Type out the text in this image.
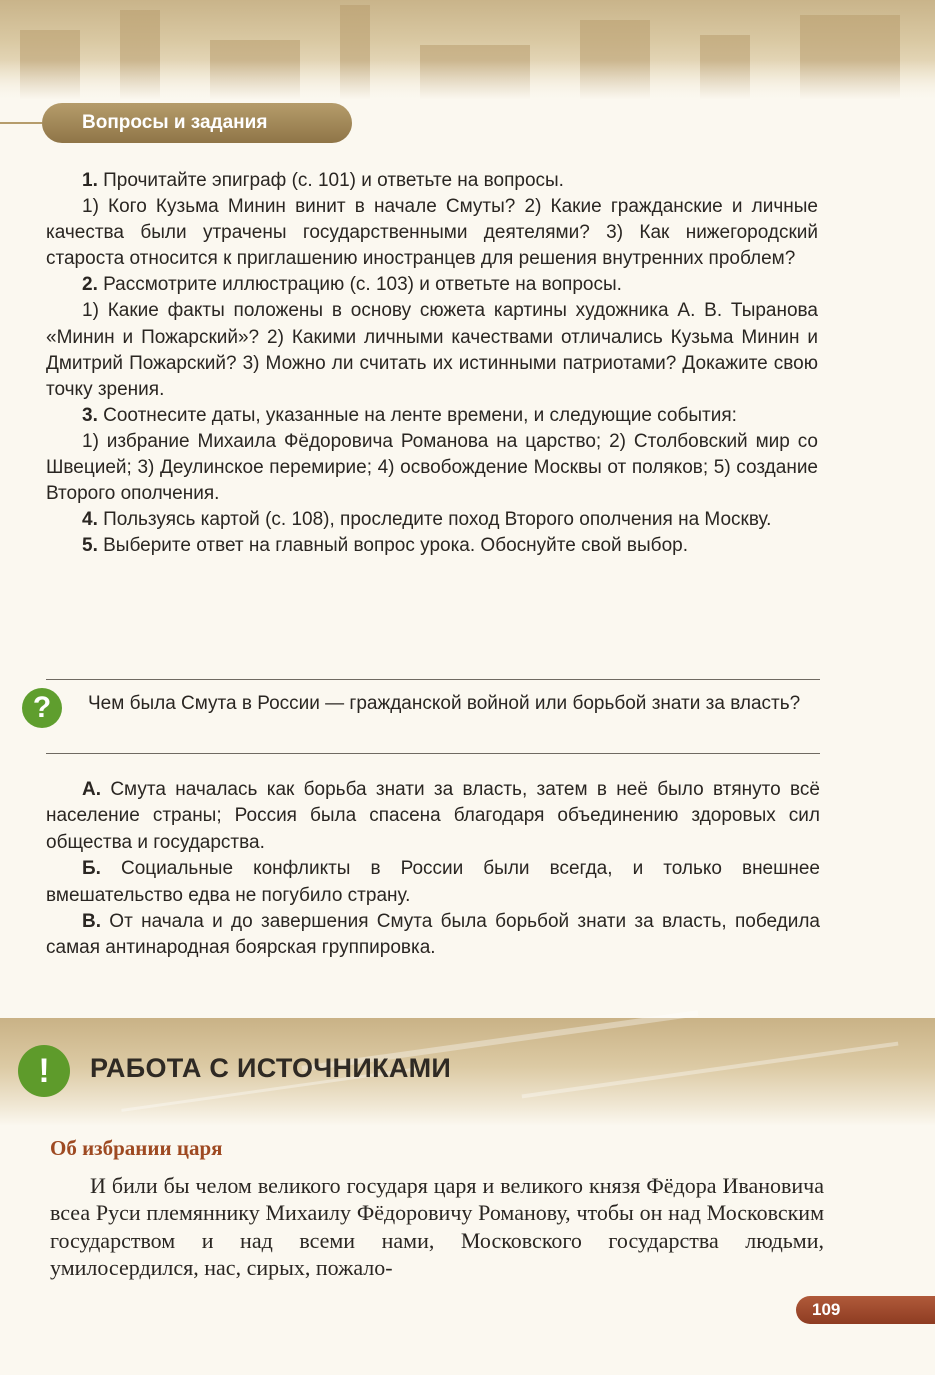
Вопросы и задания

1. Прочитайте эпиграф (с. 101) и ответьте на вопросы.

1) Кого Кузьма Минин винит в начале Смуты? 2) Какие гражданские и личные качества были утрачены государственными деятелями? 3) Как нижегородский староста относится к приглашению иностранцев для решения внутренних проблем?

2. Рассмотрите иллюстрацию (с. 103) и ответьте на вопросы.

1) Какие факты положены в основу сюжета картины художника А. В. Тыранова «Минин и Пожарский»? 2) Какими личными качествами отличались Кузьма Минин и Дмитрий Пожарский? 3) Можно ли считать их истинными патриотами? Докажите свою точку зрения.

3. Соотнесите даты, указанные на ленте времени, и следующие события:

1) избрание Михаила Фёдоровича Романова на царство; 2) Столбовский мир со Швецией; 3) Деулинское перемирие; 4) освобождение Москвы от поляков; 5) создание Второго ополчения.

4. Пользуясь картой (с. 108), проследите поход Второго ополчения на Москву.

5. Выберите ответ на главный вопрос урока. Обоснуйте свой выбор.

?	Чем была Смута в России — гражданской войной или борьбой знати за власть?

А. Смута началась как борьба знати за власть, затем в неё было втянуто всё население страны; Россия была спасена благодаря объединению здоровых сил общества и государства.

Б. Социальные конфликты в России были всегда, и только внешнее вмешательство едва не погубило страну.

В. От начала и до завершения Смута была борьбой знати за власть, победила самая антинародная боярская группировка.

!	РАБОТА С ИСТОЧНИКАМИ
Об избрании царя

И били бы челом великого государя царя и великого князя Фёдора Ивановича всеа Руси племяннику Михаилу Фёдоровичу Романову, чтобы он над Московским государством и над всеми нами, Московского государства людьми, умилосердился, нас, сирых, пожало-

109
